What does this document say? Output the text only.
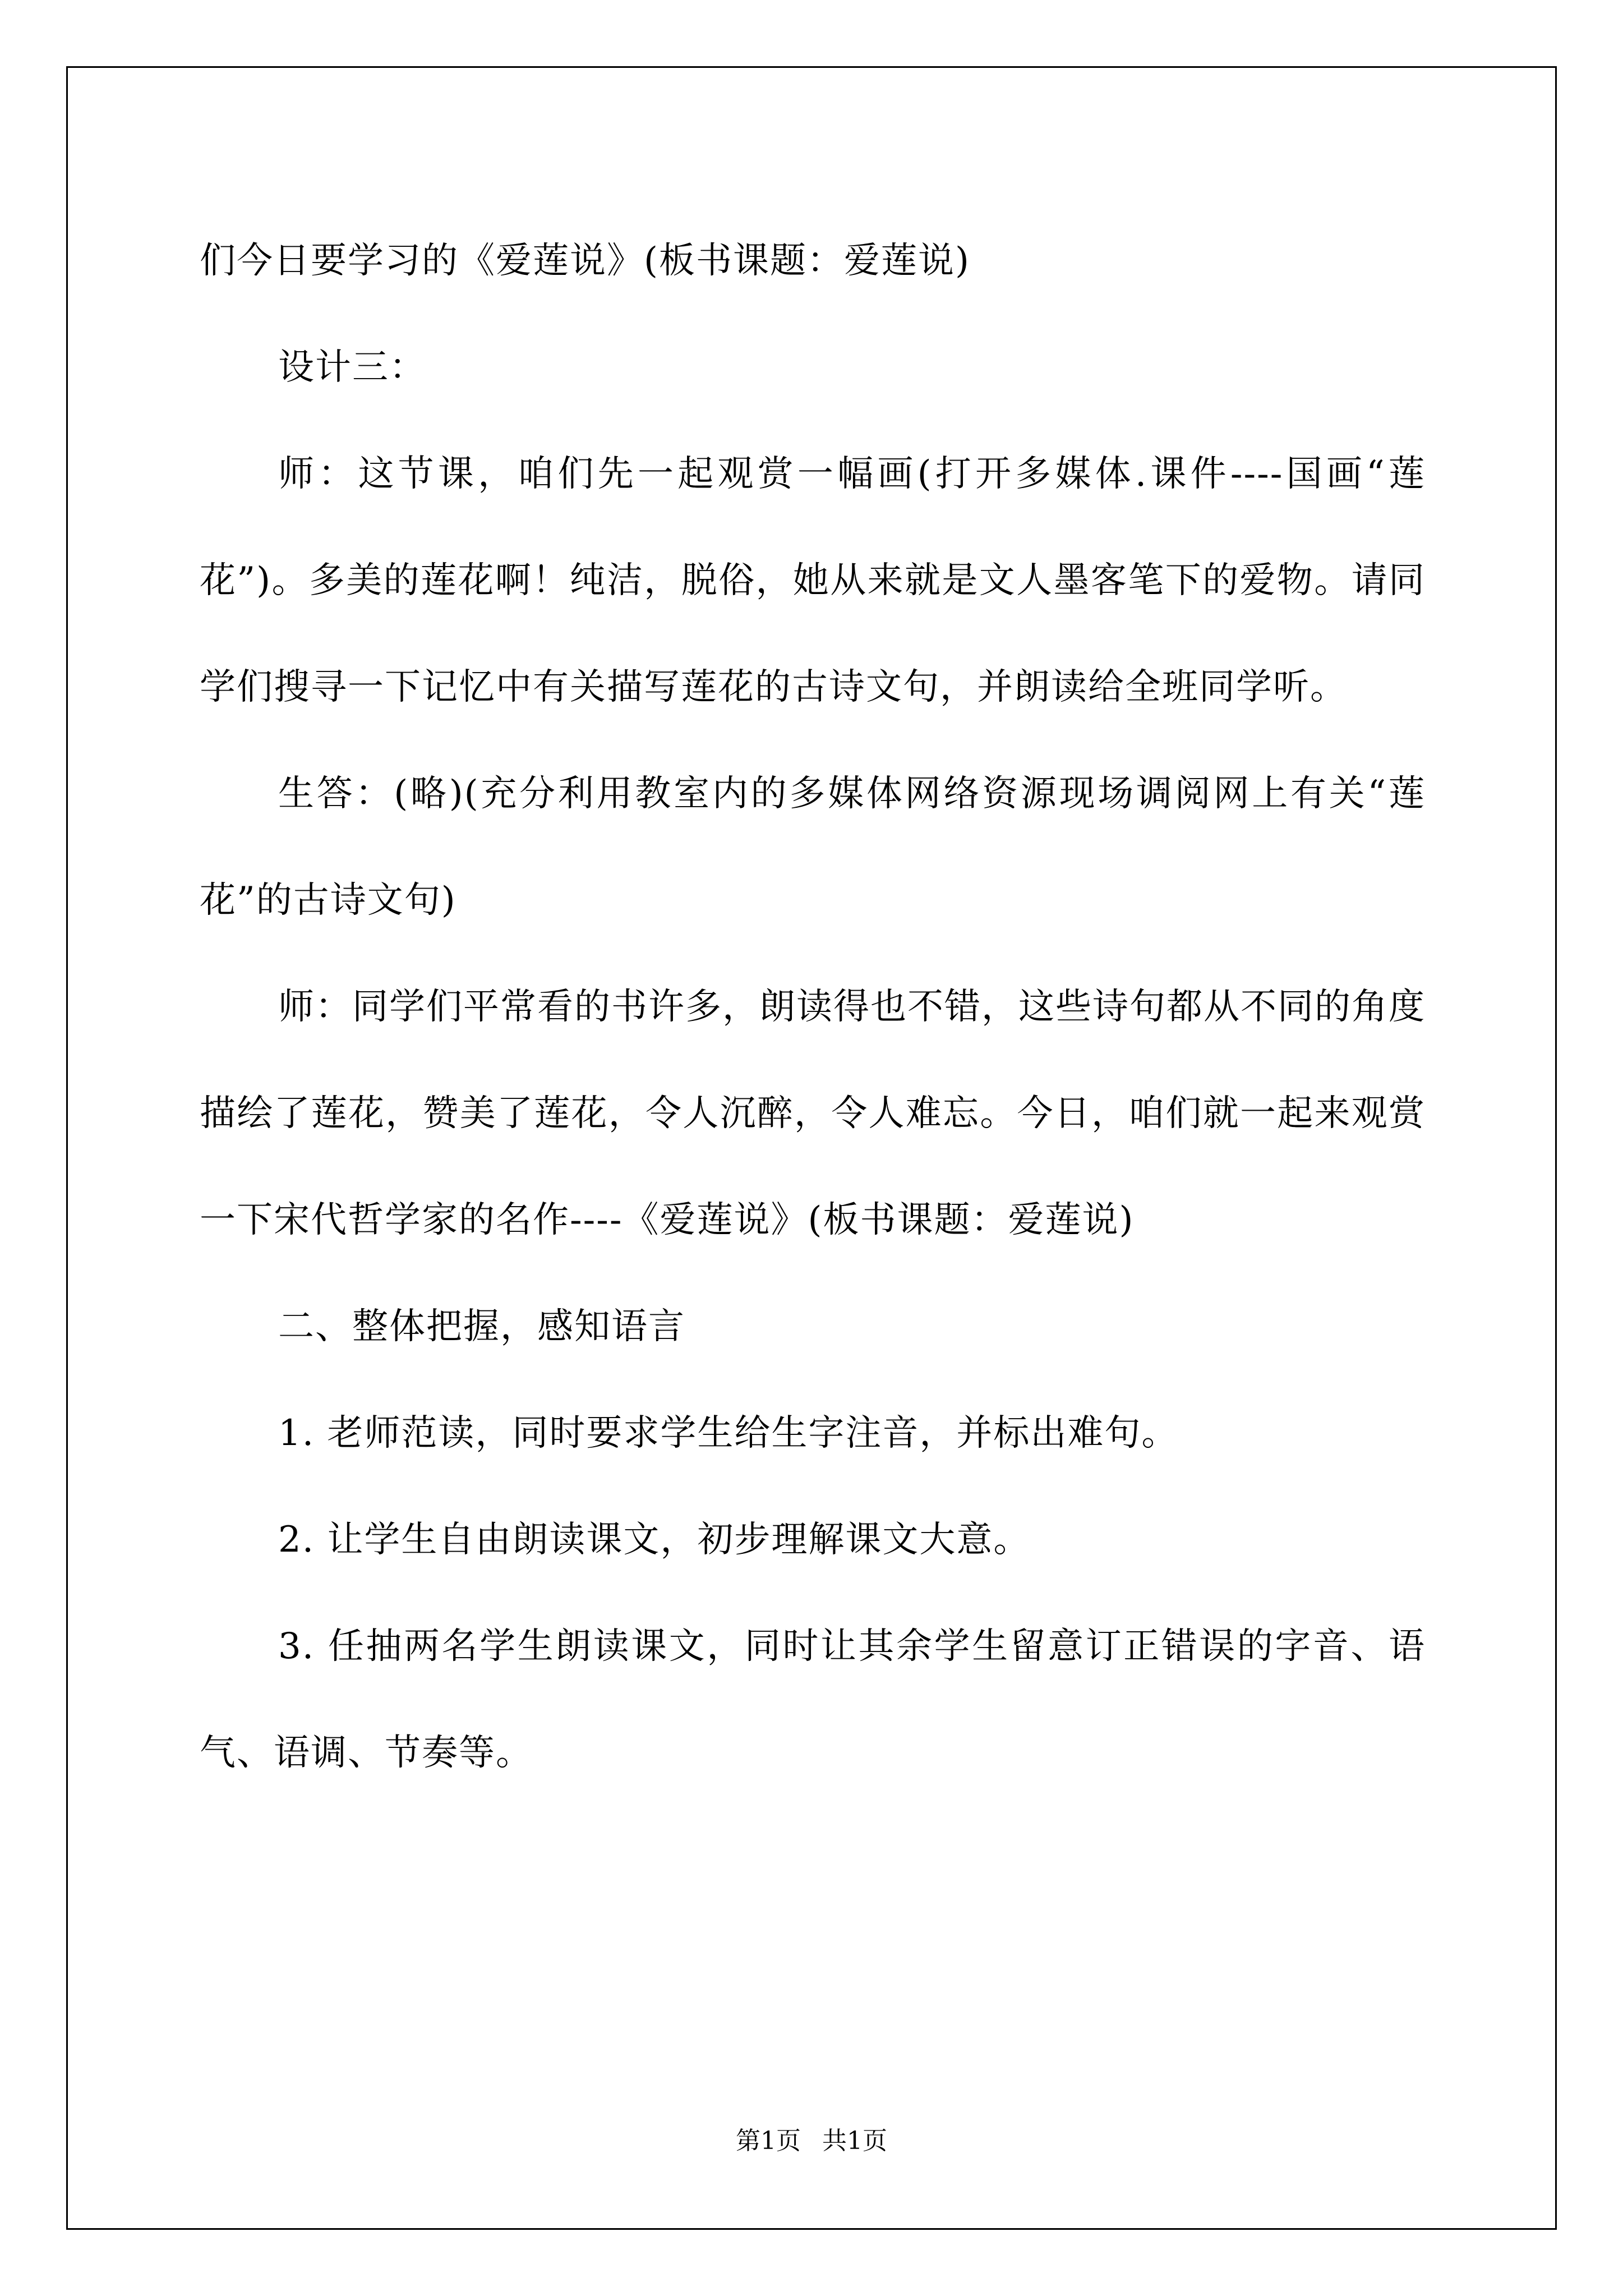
们今日要学习的《爱莲说》(板书课题：爱莲说)

设计三：

师：这节课，咱们先一起观赏一幅画(打开多媒体.课件----国画“莲花”)。多美的莲花啊！纯洁，脱俗，她从来就是文人墨客笔下的爱物。请同学们搜寻一下记忆中有关描写莲花的古诗文句，并朗读给全班同学听。

生答：(略)(充分利用教室内的多媒体网络资源现场调阅网上有关“莲花”的古诗文句)

师：同学们平常看的书许多，朗读得也不错，这些诗句都从不同的角度描绘了莲花，赞美了莲花，令人沉醉，令人难忘。今日，咱们就一起来观赏一下宋代哲学家的名作----《爱莲说》(板书课题：爱莲说)

二、整体把握，感知语言

1. 老师范读，同时要求学生给生字注音，并标出难句。

2. 让学生自由朗读课文，初步理解课文大意。

3. 任抽两名学生朗读课文，同时让其余学生留意订正错误的字音、语气、语调、节奏等。

第1页 共1页
